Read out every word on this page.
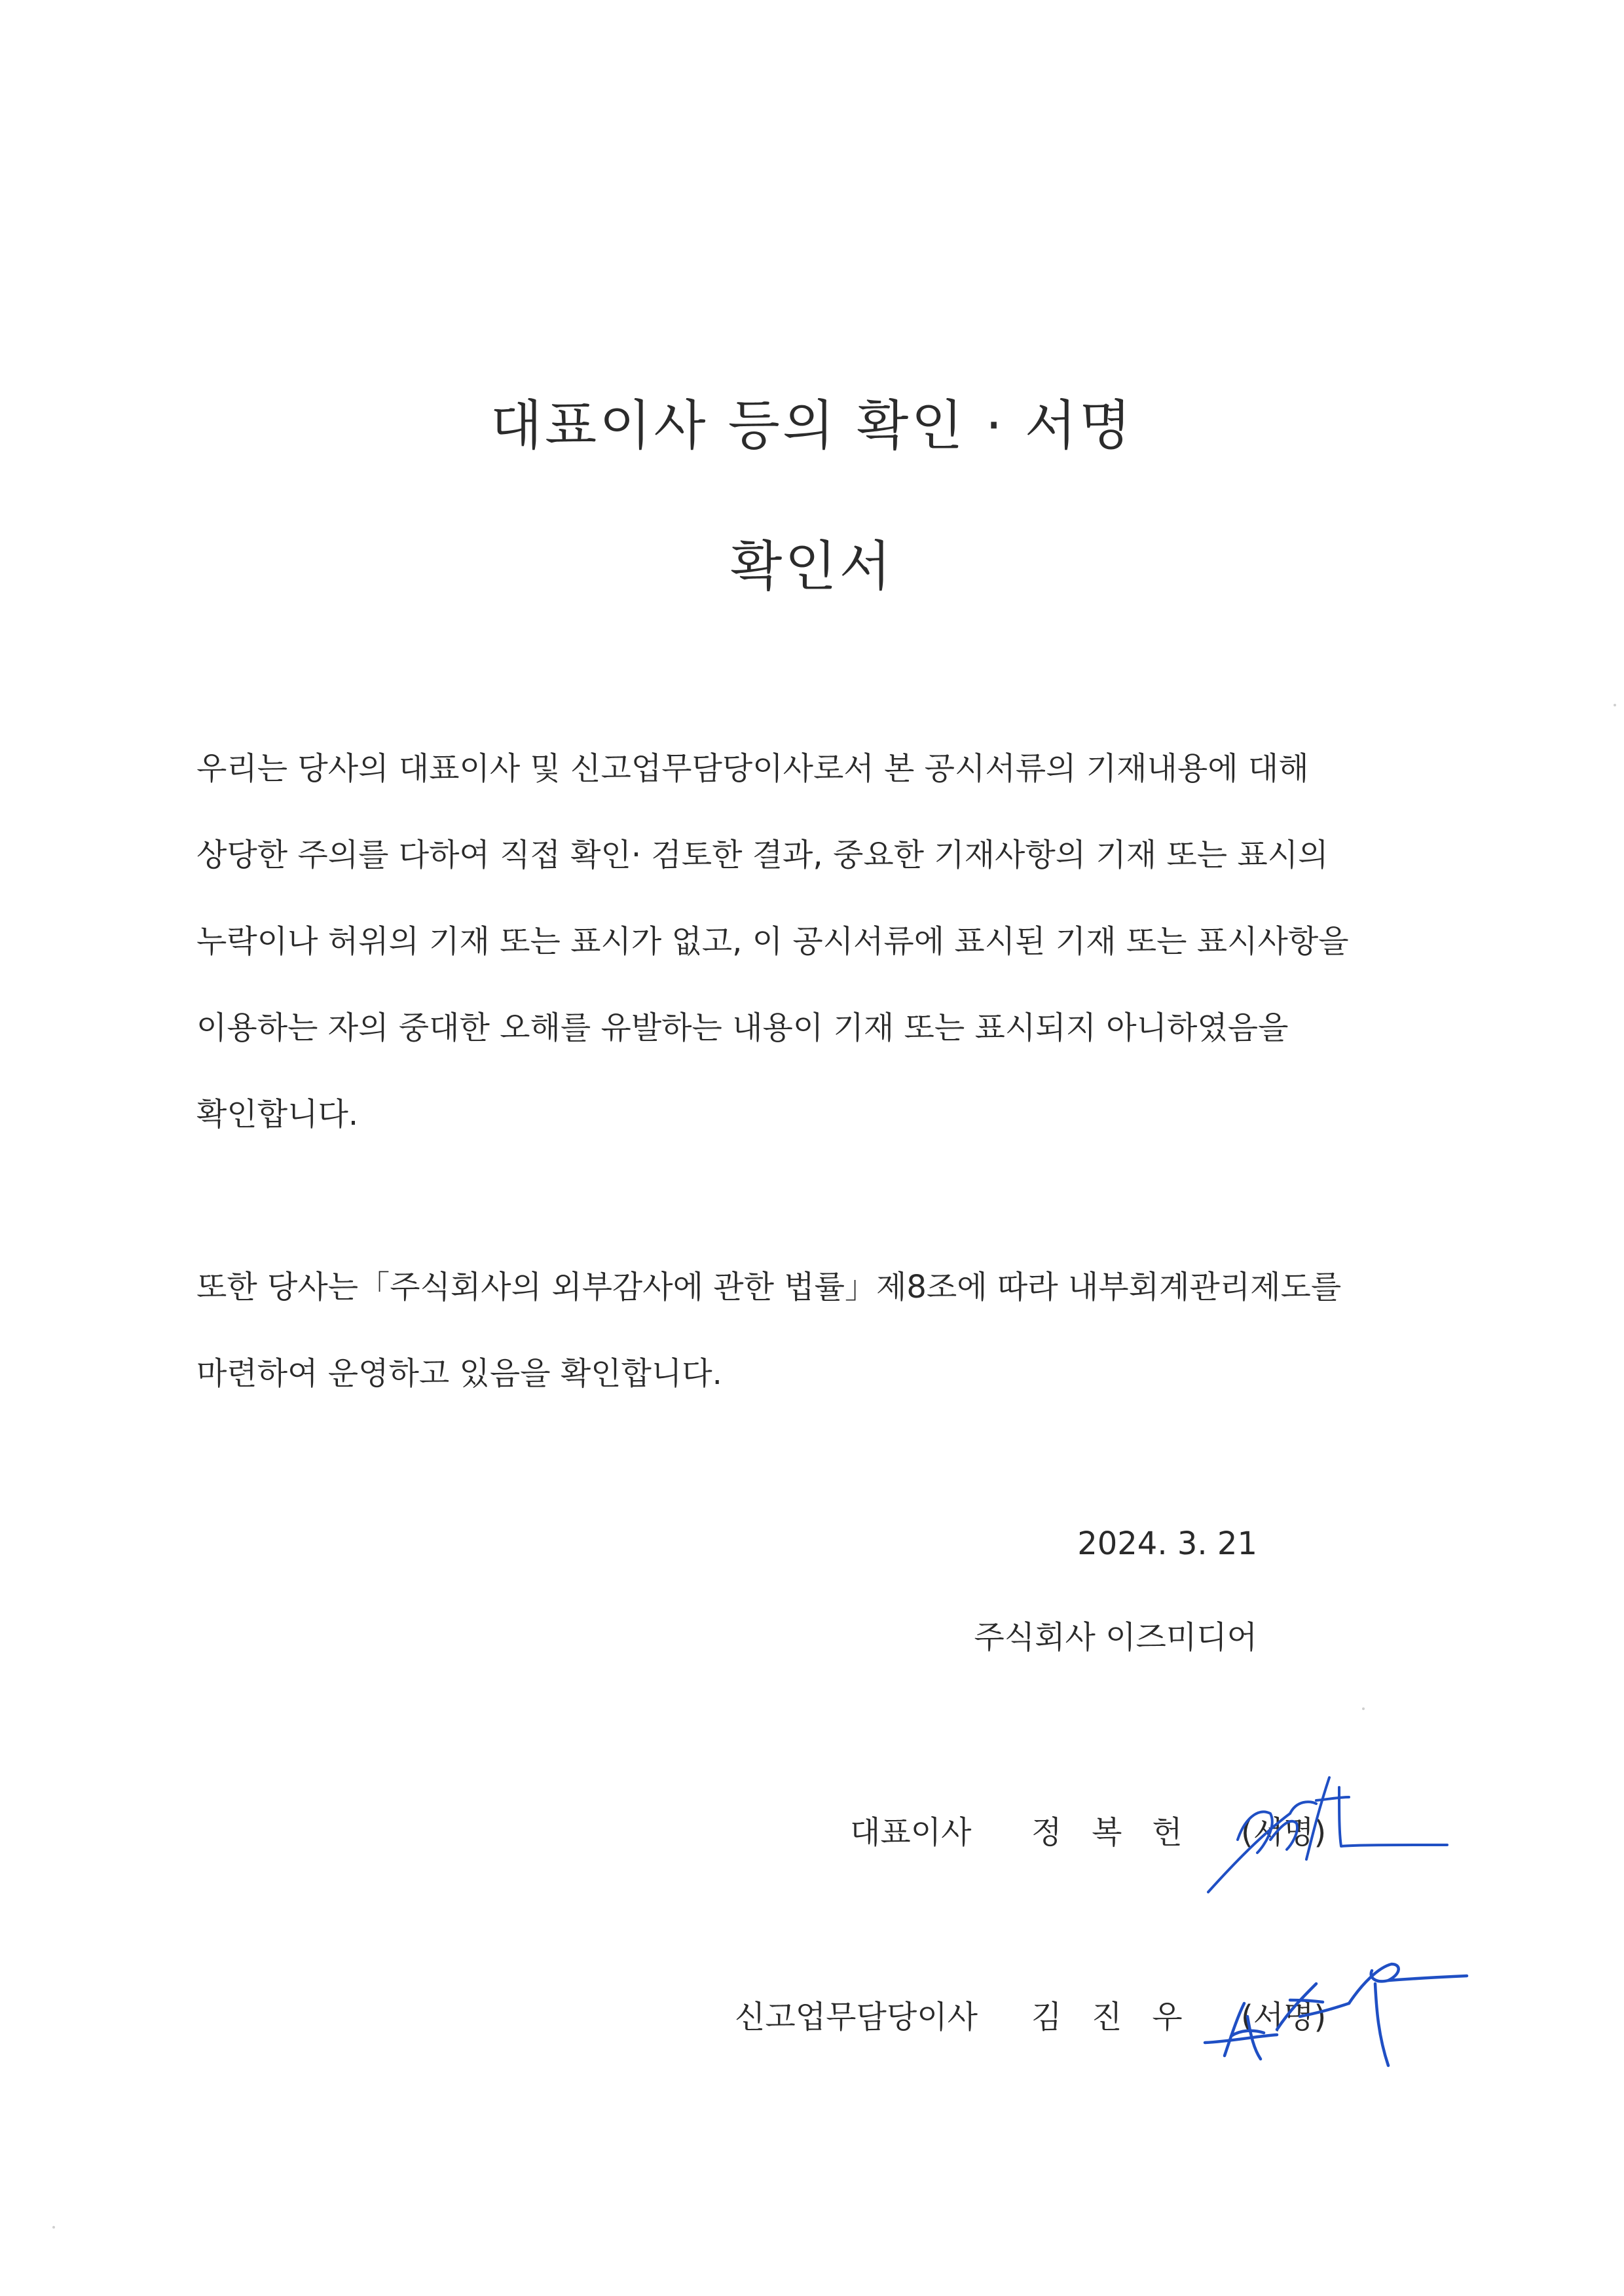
대표이사 등의 확인 · 서명
확인서
우리는 당사의 대표이사 및 신고업무담당이사로서 본 공시서류의 기재내용에 대해
상당한 주의를 다하여 직접 확인· 검토한 결과, 중요한 기재사항의 기재 또는 표시의
누락이나 허위의 기재 또는 표시가 없고, 이 공시서류에 표시된 기재 또는 표시사항을
이용하는 자의 중대한 오해를 유발하는 내용이 기재 또는 표시되지 아니하였음을
확인합니다.
또한 당사는「주식회사의 외부감사에 관한 법률」제8조에 따라 내부회계관리제도를
마련하여 운영하고 있음을 확인합니다.
2024. 3. 21
주식회사 이즈미디어
대표이사 정   복   헌 (서명)
신고업무담당이사 김   진   우 (서명)
